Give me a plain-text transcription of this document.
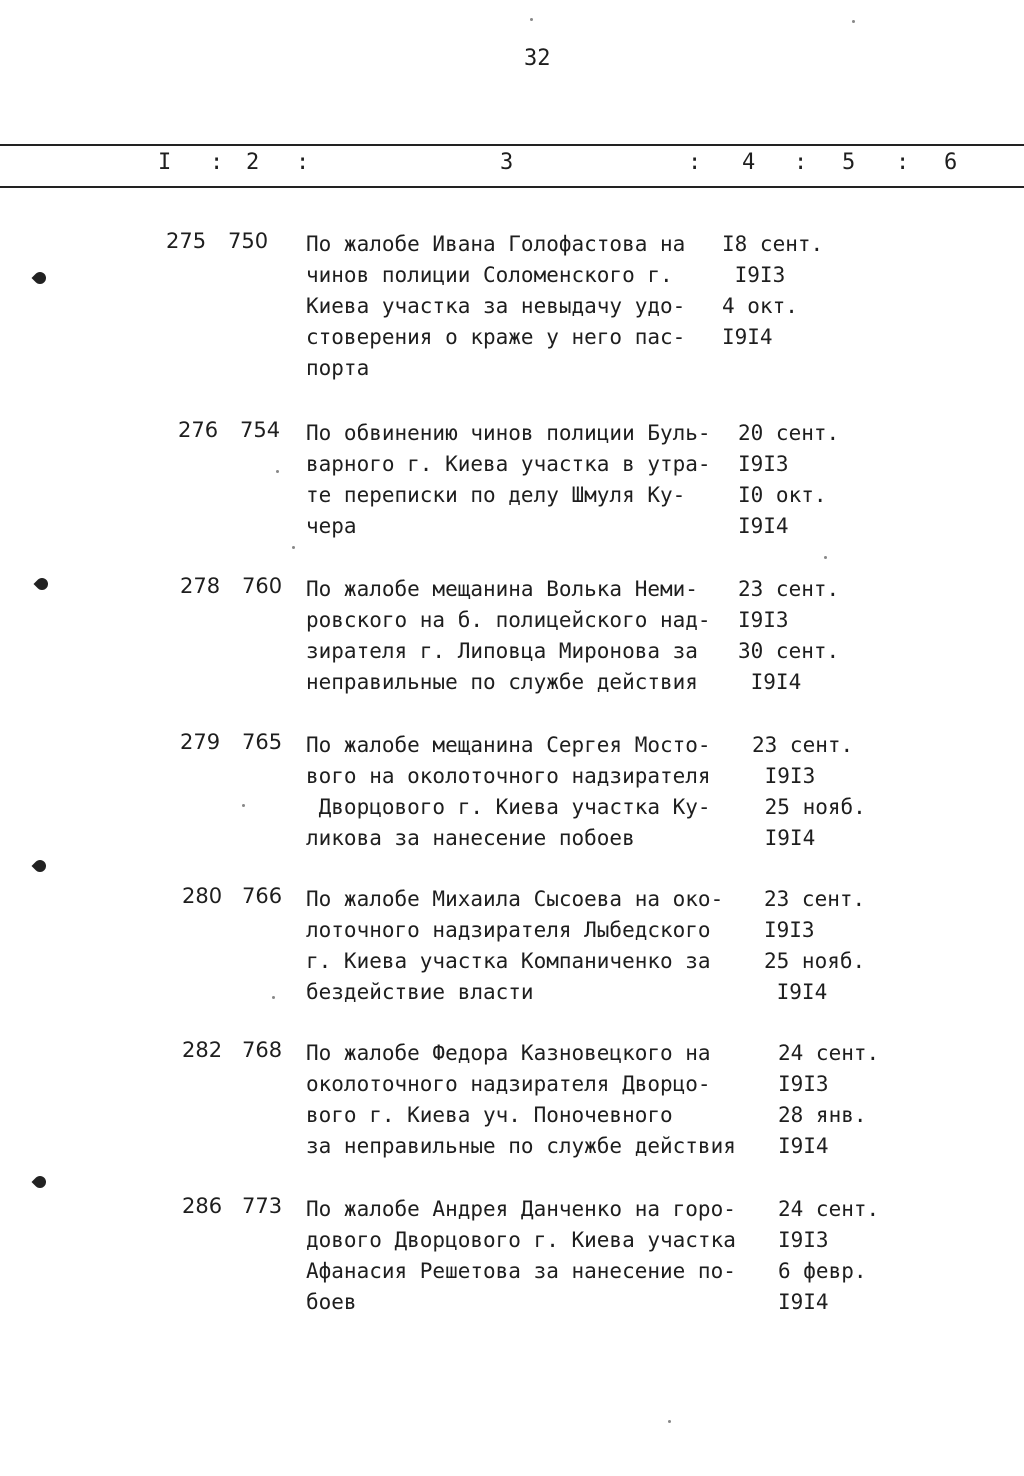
32
I : 2 :	3	: 4 : 5 : 6
275 750 По жалобе Ивана Голофастова на
чинов полиции Соломенского г.
Киева участка за невыдачу удо-
стоверения о краже у него пас-
порта
I8 сент.
I9I3
4 окт.
I9I4
276 754 По обвинению чинов полиции Буль-
варного г. Киева участка в утра-
те переписки по делу Шмуля Ку-
чера
20 сент.
I9I3
I0 окт.
I9I4
278 760 По жалобе мещанина Волька Неми-
ровского на б. полицейского над-
зирателя г. Липовца Миронова за
неправильные по службе действия
23 сент.
I9I3
30 сент.
I9I4
279 765 По жалобе мещанина Сергея Мосто-
вого на околоточного надзирателя
Дворцового г. Киева участка Ку-
ликова за нанесение побоев
23 сент.
I9I3
25 нояб.
I9I4
280 766 По жалобе Михаила Сысоева на око-
лоточного надзирателя Лыбедского
г. Киева участка Компаниченко за
бездействие власти
23 сент.
I9I3
25 нояб.
I9I4
282 768 По жалобе Федора Казновецкого на
околоточного надзирателя Дворцо-
вого г. Киева уч. Поночевного
за неправильные по службе действия
24 сент.
I9I3
28 янв.
I9I4
286 773 По жалобе Андрея Данченко на горо-
дового Дворцового г. Киева участка
Афанасия Решетова за нанесение по-
боев
24 сент.
I9I3
6 февр.
I9I4
